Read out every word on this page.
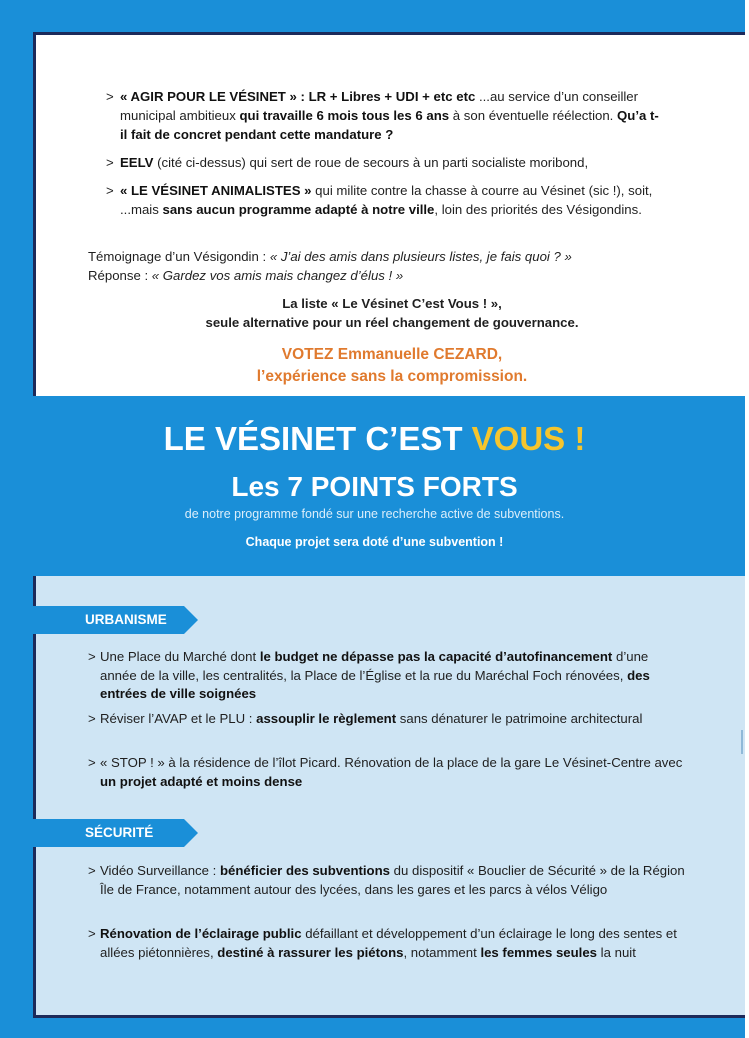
> « AGIR POUR LE VÉSINET » : LR + Libres + UDI + etc etc ...au service d’un conseiller municipal ambitieux qui travaille 6 mois tous les 6 ans à son éventuelle réélection. Qu’a t-il fait de concret pendant cette mandature ?
> EELV (cité ci-dessus) qui sert de roue de secours à un parti socialiste moribond,
> « LE VÉSINET ANIMALISTES » qui milite contre la chasse à courre au Vésinet (sic !), soit, ...mais sans aucun programme adapté à notre ville, loin des priorités des Vésigondins.
Témoignage d’un Vésigondin : « J’ai des amis dans plusieurs listes, je fais quoi ? »
Réponse : « Gardez vos amis mais changez d’élus ! »
La liste « Le Vésinet C’est Vous ! »,
seule alternative pour un réel changement de gouvernance.
VOTEZ Emmanuelle CEZARD,
l’expérience sans la compromission.
LE VÉSINET C’EST VOUS !
Les 7 POINTS FORTS
de notre programme fondé sur une recherche active de subventions.
Chaque projet sera doté d’une subvention !
URBANISME
> Une Place du Marché dont le budget ne dépasse pas la capacité d’autofinancement d’une année de la ville, les centralités, la Place de l’Église et la rue du Maréchal Foch rénovées, des entrées de ville soignées
> Réviser l’AVAP et le PLU : assouplir le règlement sans dénaturer le patrimoine architectural
> « STOP ! » à la résidence de l’îlot Picard. Rénovation de la place de la gare Le Vésinet-Centre avec un projet adapté et moins dense
SÉCURITÉ
> Vidéo Surveillance : bénéficier des subventions du dispositif « Bouclier de Sécurité » de la Région Île de France, notamment autour des lycées, dans les gares et les parcs à vélos Véligo
> Rénovation de l’éclairage public défaillant et développement d’un éclairage le long des sentes et allées piétonnières, destiné à rassurer les piétons, notamment les femmes seules la nuit
